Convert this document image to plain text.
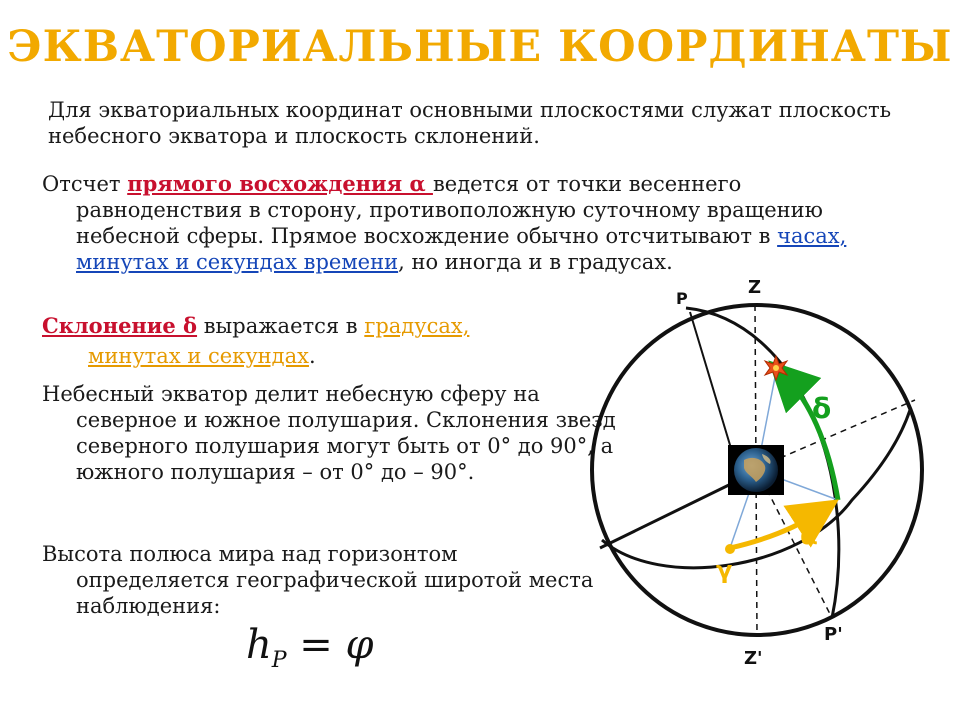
ЭКВАТОРИАЛЬНЫЕ КООРДИНАТЫ
Для экваториальных координат основными плоскостями служат плоскость небесного экватора и плоскость склонений.
Отсчет прямого восхождения α ведется от точки весеннего равноденствия в сторону, противоположную суточному вращению небесной сферы. Прямое восхождение обычно отсчитывают в часах, минутах и секундах времени, но иногда и в градусах.
Склонение δ выражается в градусах,
минутах и секундах.
Небесный экватор делит небесную сферу на северное и южное полушария. Склонения звезд северного полушария могут быть от 0° до 90°, а южного полушария – от 0° до – 90°.
Высота полюса мира над горизонтом определяется географической широтой места наблюдения:
$h_P = \varphi$
P
Z
P'
Z'
δ
α
γ
